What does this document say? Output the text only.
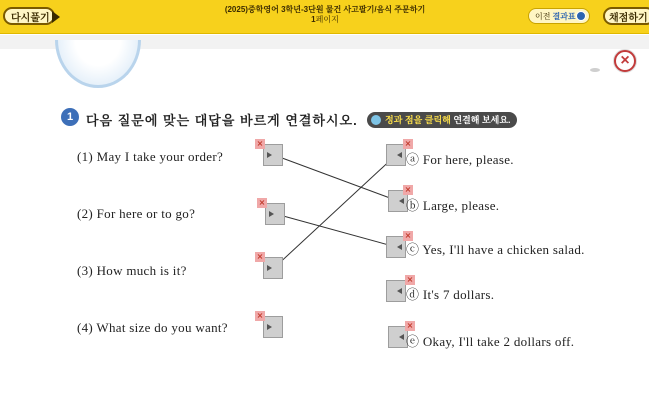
다시풀기
(2025)중학영어 3학년-3단원 물건 사고팔기/음식 주문하기
1페이지	이전 결과표	채점하기
×
1 다음 질문에 맞는 대답을 바르게 연결하시오.	정과 점을 클릭해 연결해 보세요.
(1) May I take your order?
(2) For here or to go?
(3) How much is it?
(4) What size do you want?
×
×
×
×
×
×
×
×
×
ⓐ For here, please.
ⓑ Large, please.
ⓒ Yes, I'll have a chicken salad.
ⓓ It's 7 dollars.
ⓔ Okay, I'll take 2 dollars off.
